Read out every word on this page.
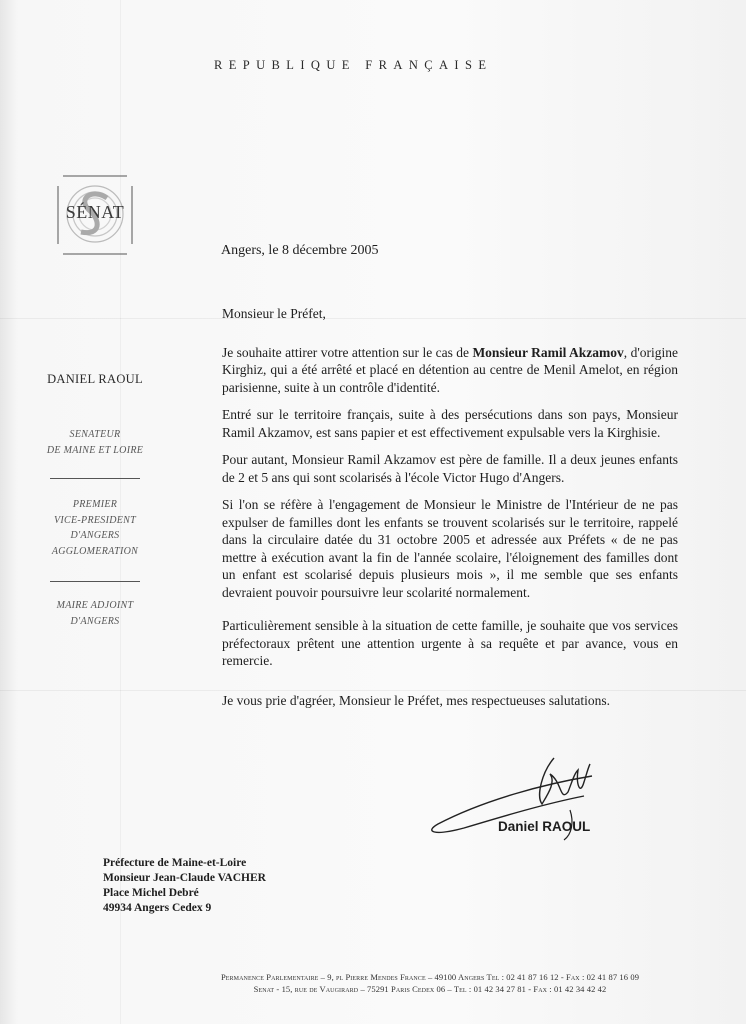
REPUBLIQUE FRANÇAISE
SÉNAT
Angers, le 8 décembre 2005
DANIEL RAOUL
SENATEUR
DE MAINE ET LOIRE
PREMIER
VICE-PRESIDENT
D'ANGERS
AGGLOMERATION
MAIRE ADJOINT
D'ANGERS

Monsieur le Préfet,

Je souhaite attirer votre attention sur le cas de Monsieur Ramil Akzamov, d'origine Kirghiz, qui a été arrêté et placé en détention au centre de Menil Amelot, en région parisienne, suite à un contrôle d'identité.

Entré sur le territoire français, suite à des persécutions dans son pays, Monsieur Ramil Akzamov, est sans papier et est effectivement expulsable vers la Kirghisie.

Pour autant, Monsieur Ramil Akzamov est père de famille. Il a deux jeunes enfants de 2 et 5 ans qui sont scolarisés à l'école Victor Hugo d'Angers.

Si l'on se réfère à l'engagement de Monsieur le Ministre de l'Intérieur de ne pas expulser de familles dont les enfants se trouvent scolarisés sur le territoire, rappelé dans la circulaire datée du 31 octobre 2005 et adressée aux Préfets « de ne pas mettre à exécution avant la fin de l'année scolaire, l'éloignement des familles dont un enfant est scolarisé depuis plusieurs mois », il me semble que ses enfants devraient pouvoir poursuivre leur scolarité normalement.

Particulièrement sensible à la situation de cette famille, je souhaite que vos services préfectoraux prêtent une attention urgente à sa requête et par avance, vous en remercie.

Je vous prie d'agréer, Monsieur le Préfet, mes respectueuses salutations.

Daniel RAOUL
Préfecture de Maine-et-Loire
Monsieur Jean-Claude VACHER
Place Michel Debré
49934 Angers Cedex 9
Permanence Parlementaire – 9, pl Pierre Mendes France – 49100 Angers Tel : 02 41 87 16 12 - Fax : 02 41 87 16 09
Senat - 15, rue de Vaugirard – 75291 Paris Cedex 06 – Tel : 01 42 34 27 81 - Fax : 01 42 34 42 42
